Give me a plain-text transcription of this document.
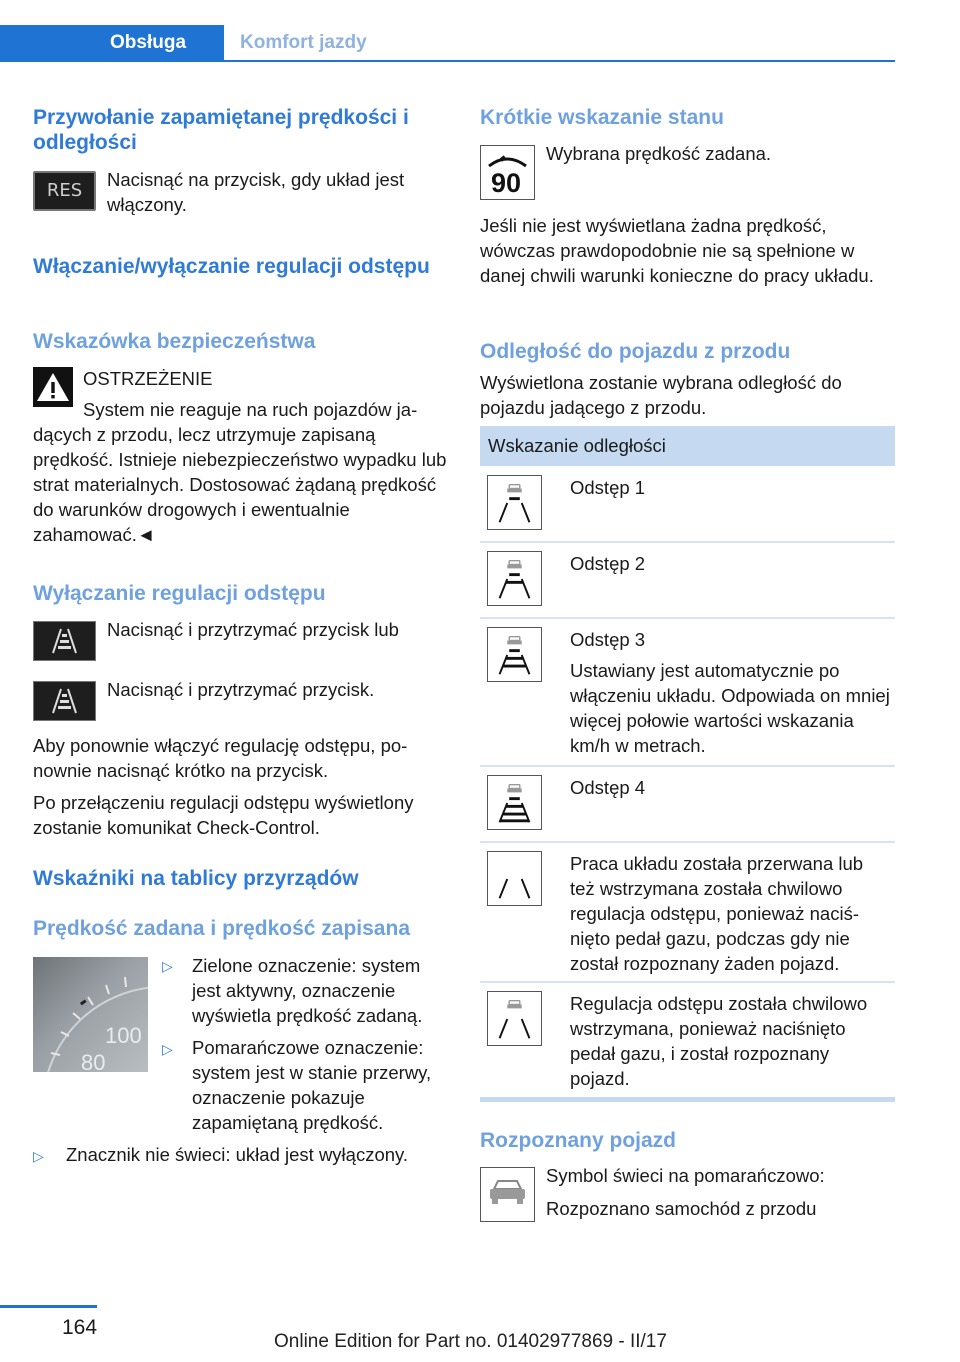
Obsługa	Komfort jazdy
Przywołanie zapamiętanej prędkości i odległości
RES
Nacisnąć na przycisk, gdy układ jest włączony.
Włączanie/wyłączanie regulacji odstępu
Wskazówka bezpieczeństwa
OSTRZEŻENIE
System nie reaguje na ruch pojazdów jadących z przodu, lecz utrzymuje zapisaną prędkość. Istnieje niebezpieczeństwo wypadku lub strat materialnych. Dostosować żądaną prędkość do warunków drogowych i ewentualnie zahamować.◄
Wyłączanie regulacji odstępu
Nacisnąć i przytrzymać przycisk lub
Nacisnąć i przytrzymać przycisk.
Aby ponownie włączyć regulację odstępu, ponownie nacisnąć krótko na przycisk.
Po przełączeniu regulacji odstępu wyświetlony zostanie komunikat Check-Control.
Wskaźniki na tablicy przyrządów
Prędkość zadana i prędkość zapisana
100
80
▷ Zielone oznaczenie: system jest aktywny, oznaczenie wyświetla prędkość zadaną.
▷ Pomarańczowe oznaczenie: system jest w stanie przerwy, oznaczenie pokazuje zapamiętaną prędkość.
▷ Znacznik nie świeci: układ jest wyłączony.
Krótkie wskazanie stanu
90
Wybrana prędkość zadana.
Jeśli nie jest wyświetlana żadna prędkość, wówczas prawdopodobnie nie są spełnione w danej chwili warunki konieczne do pracy układu.
Odległość do pojazdu z przodu
Wyświetlona zostanie wybrana odległość do pojazdu jadącego z przodu.
Wskazanie odległości
Odstęp 1
Odstęp 2
Odstęp 3
Ustawiany jest automatycznie po włączeniu układu. Odpowiada on mniej więcej połowie wartości wskazania km/h w metrach.
Odstęp 4
Praca układu została przerwana lub też wstrzymana została chwilowo regulacja odstępu, ponieważ naciśnięto pedał gazu, podczas gdy nie został rozpoznany żaden pojazd.
Regulacja odstępu została chwilowo wstrzymana, ponieważ naciśnięto pedał gazu, i został rozpoznany pojazd.
Rozpoznany pojazd
Symbol świeci na pomarańczowo:
Rozpoznano samochód z przodu
164
Online Edition for Part no. 01402977869 - II/17
